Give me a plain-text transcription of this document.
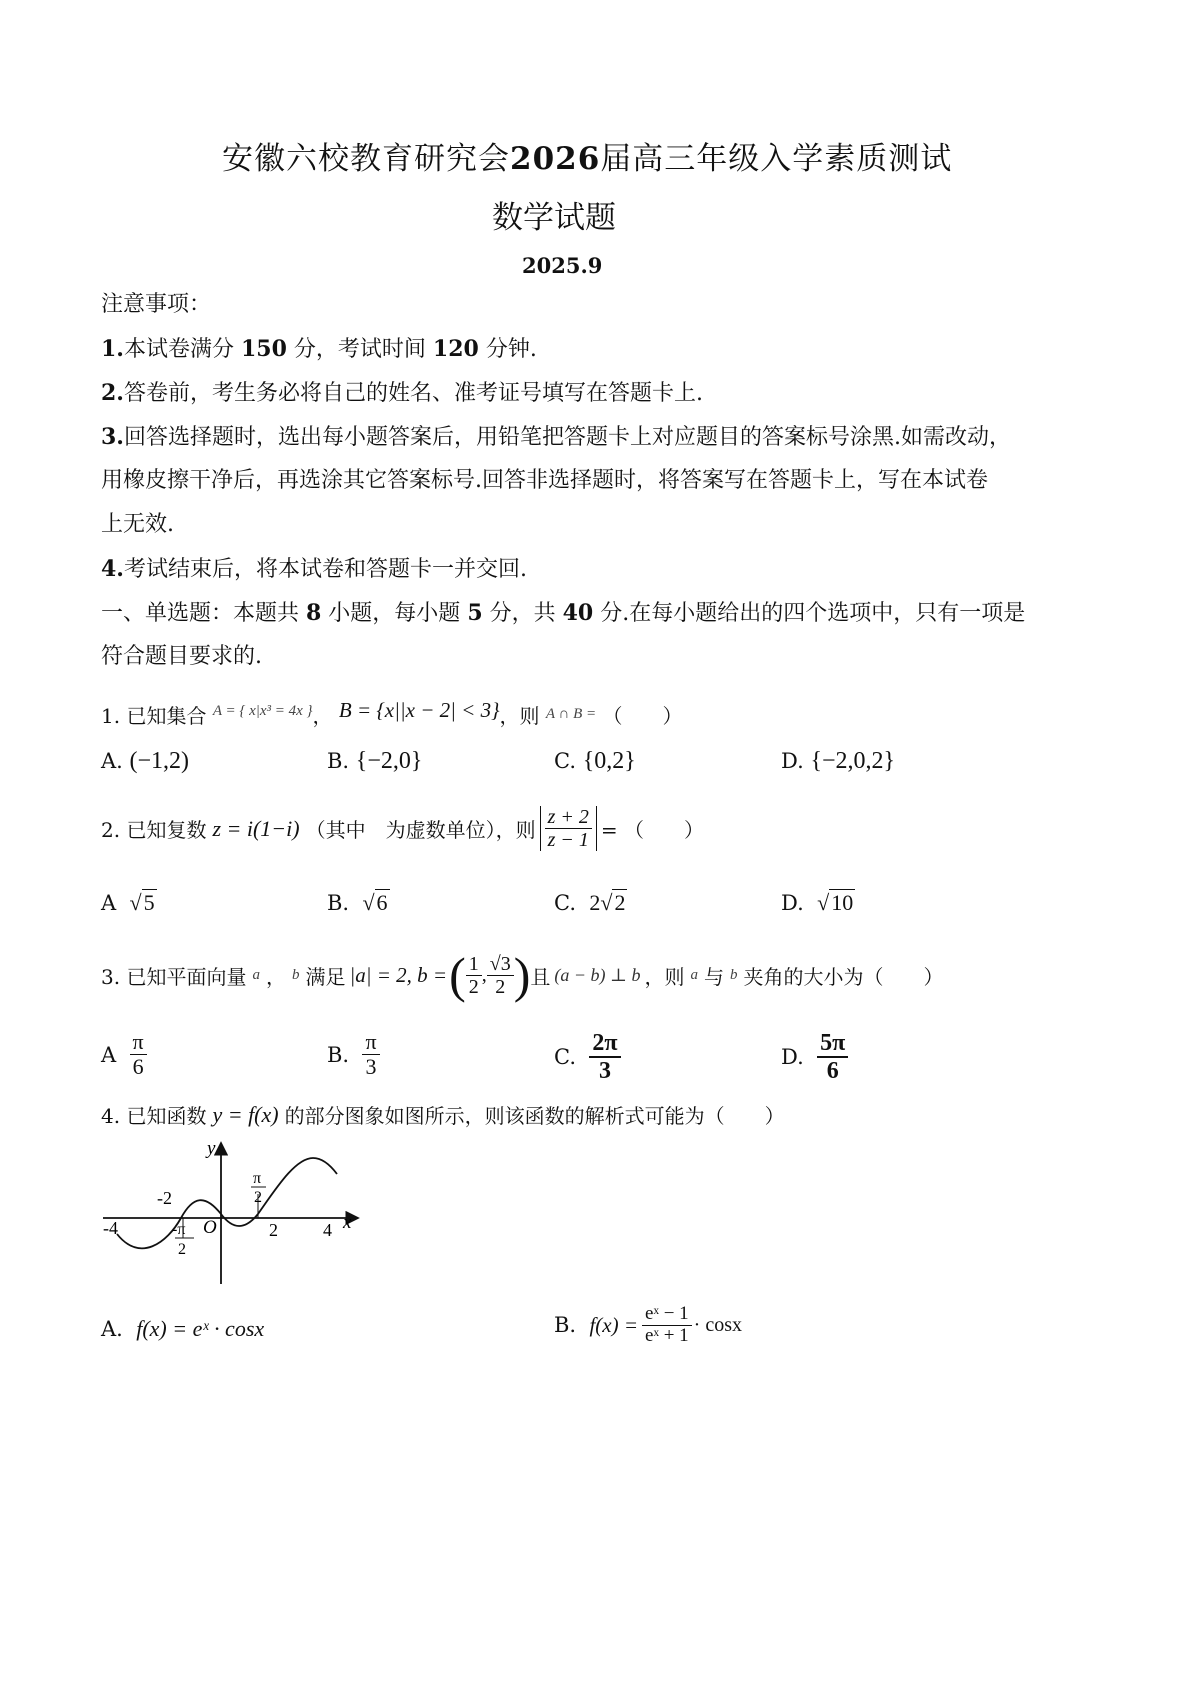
安徽六校教育研究会2026届高三年级入学素质测试
数学试题
2025.9
注意事项：
1.本试卷满分 150 分，考试时间 120 分钟.
2.答卷前，考生务必将自己的姓名、准考证号填写在答题卡上.
3.回答选择题时，选出每小题答案后，用铅笔把答题卡上对应题目的答案标号涂黑.如需改动，
用橡皮擦干净后，再选涂其它答案标号.回答非选择题时，将答案写在答题卡上，写在本试卷
上无效.
4.考试结束后，将本试卷和答题卡一并交回.
一、单选题：本题共 8 小题，每小题 5 分，共 40 分.在每小题给出的四个选项中，只有一项是
符合题目要求的.
1. 已知集合 $^{A = \{ x|x^3 = 4x \}}$， B = {x||x − 2| < 3}，则 $^{A \cap B =}$ （　　）
A. (−1,2)	B. {−2,0}	C. {0,2}	D. {−2,0,2}
2. 已知复数 z = i(1−i) （其中　为虚数单位），则 $\frac{z + 2}{z - 1}$ = （　　）
A √5	B. √6	C. 2√2	D. √10
3. 已知平面向量 a ， b 满足 |a| = 2, b = ( $\frac{1}{2}$ , $\frac{√3}{2}$ ) 且 (a − b) ⊥ b ，则 a 与 b 夹角的大小为（　　）
A
$\frac{\pi}{6}$	B.
$\frac{\pi}{3}$	C.
$\frac{2\pi}{3}$	D.
$\frac{5\pi}{6}$
4. 已知函数 y = f(x) 的部分图象如图所示，则该函数的解析式可能为（　　）
y
x
O
-4
-2
-π
2
π
2
2	4
A. f(x) = eˣ · cosx	B.
$f(x) = \frac{\text{eˣ − 1}}{\text{eˣ + 1}} \cdot \cos x$
